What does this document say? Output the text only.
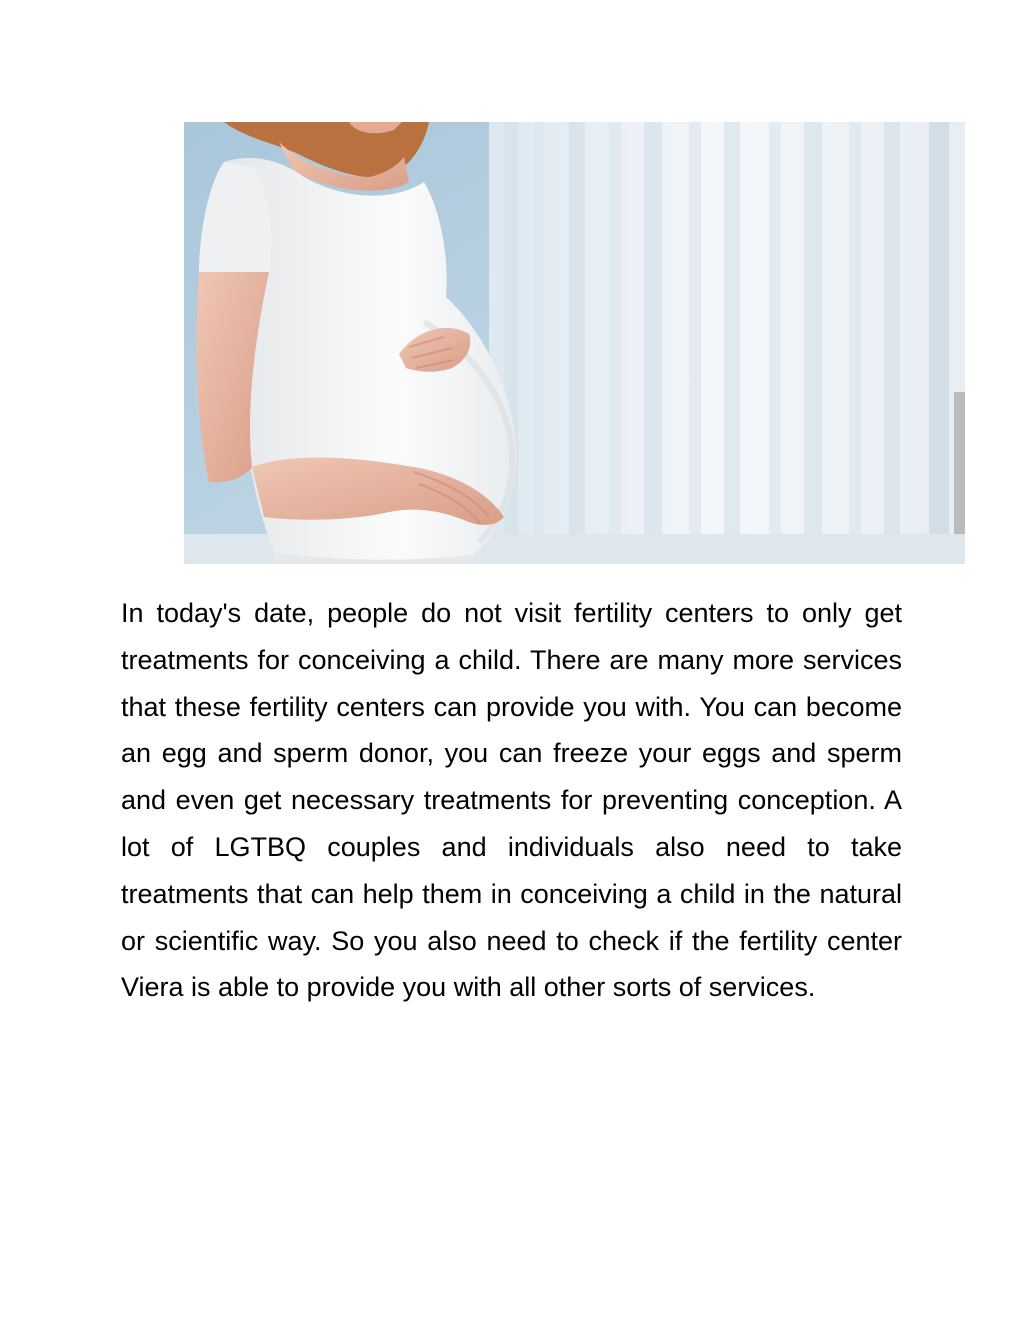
In today's date, people do not visit fertility centers to only get treatments for conceiving a child. There are many more services that these fertility centers can provide you with. You can become an egg and sperm donor, you can freeze your eggs and sperm and even get necessary treatments for preventing conception. A lot of LGTBQ couples and individuals also need to take treatments that can help them in conceiving a child in the natural or scientific way. So you also need to check if the fertility center Viera is able to provide you with all other sorts of services.
